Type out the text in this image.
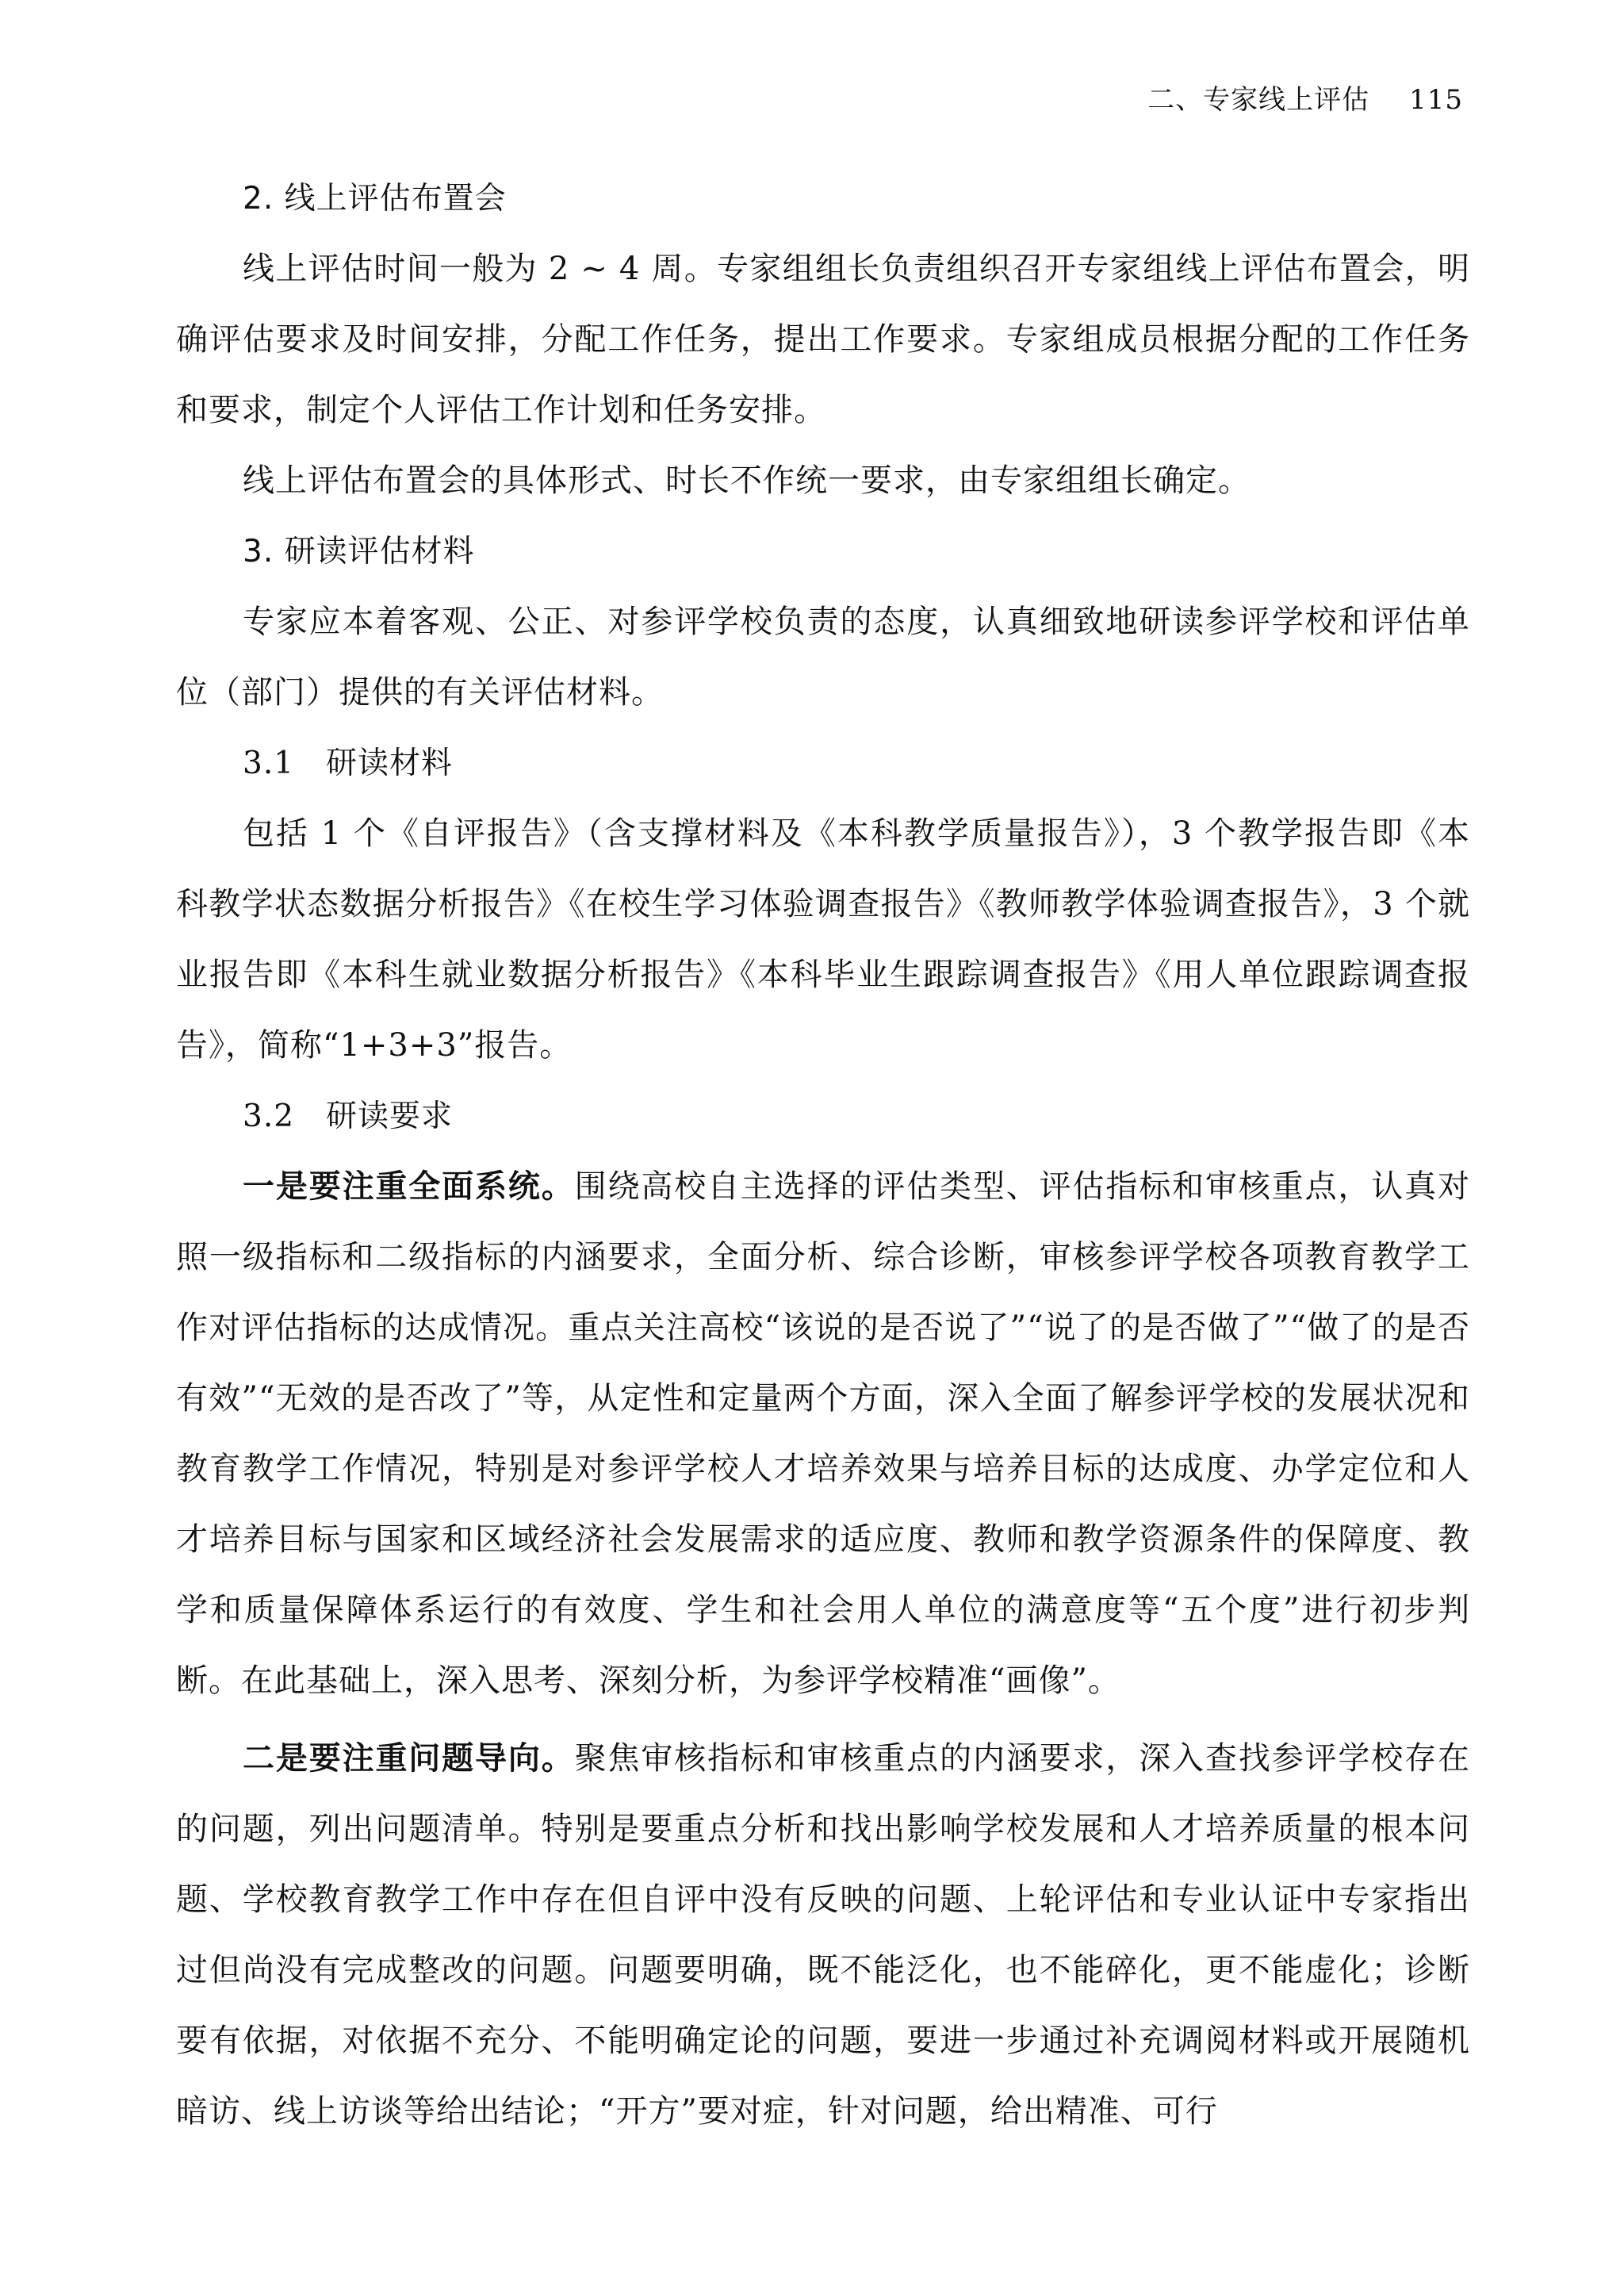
二、专家线上评估 115

2. 线上评估布置会

线上评估时间一般为 2 ~ 4 周。专家组组长负责组织召开专家组线上评估布置会，明确评估要求及时间安排，分配工作任务，提出工作要求。专家组成员根据分配的工作任务和要求，制定个人评估工作计划和任务安排。

线上评估布置会的具体形式、时长不作统一要求，由专家组组长确定。

3. 研读评估材料

专家应本着客观、公正、对参评学校负责的态度，认真细致地研读参评学校和评估单位（部门）提供的有关评估材料。

3.1 研读材料

包括 1 个《自评报告》（含支撑材料及《本科教学质量报告》），3 个教学报告即《本科教学状态数据分析报告》《在校生学习体验调查报告》《教师教学体验调查报告》，3 个就业报告即《本科生就业数据分析报告》《本科毕业生跟踪调查报告》《用人单位跟踪调查报告》，简称“1+3+3”报告。

3.2 研读要求

一是要注重全面系统。围绕高校自主选择的评估类型、评估指标和审核重点，认真对照一级指标和二级指标的内涵要求，全面分析、综合诊断，审核参评学校各项教育教学工作对评估指标的达成情况。重点关注高校“该说的是否说了”“说了的是否做了”“做了的是否有效”“无效的是否改了”等，从定性和定量两个方面，深入全面了解参评学校的发展状况和教育教学工作情况，特别是对参评学校人才培养效果与培养目标的达成度、办学定位和人才培养目标与国家和区域经济社会发展需求的适应度、教师和教学资源条件的保障度、教学和质量保障体系运行的有效度、学生和社会用人单位的满意度等“五个度”进行初步判断。在此基础上，深入思考、深刻分析，为参评学校精准“画像”。

二是要注重问题导向。聚焦审核指标和审核重点的内涵要求，深入查找参评学校存在的问题，列出问题清单。特别是要重点分析和找出影响学校发展和人才培养质量的根本问题、学校教育教学工作中存在但自评中没有反映的问题、上轮评估和专业认证中专家指出过但尚没有完成整改的问题。问题要明确，既不能泛化，也不能碎化，更不能虚化；诊断要有依据，对依据不充分、不能明确定论的问题，要进一步通过补充调阅材料或开展随机暗访、线上访谈等给出结论；“开方”要对症，针对问题，给出精准、可行
